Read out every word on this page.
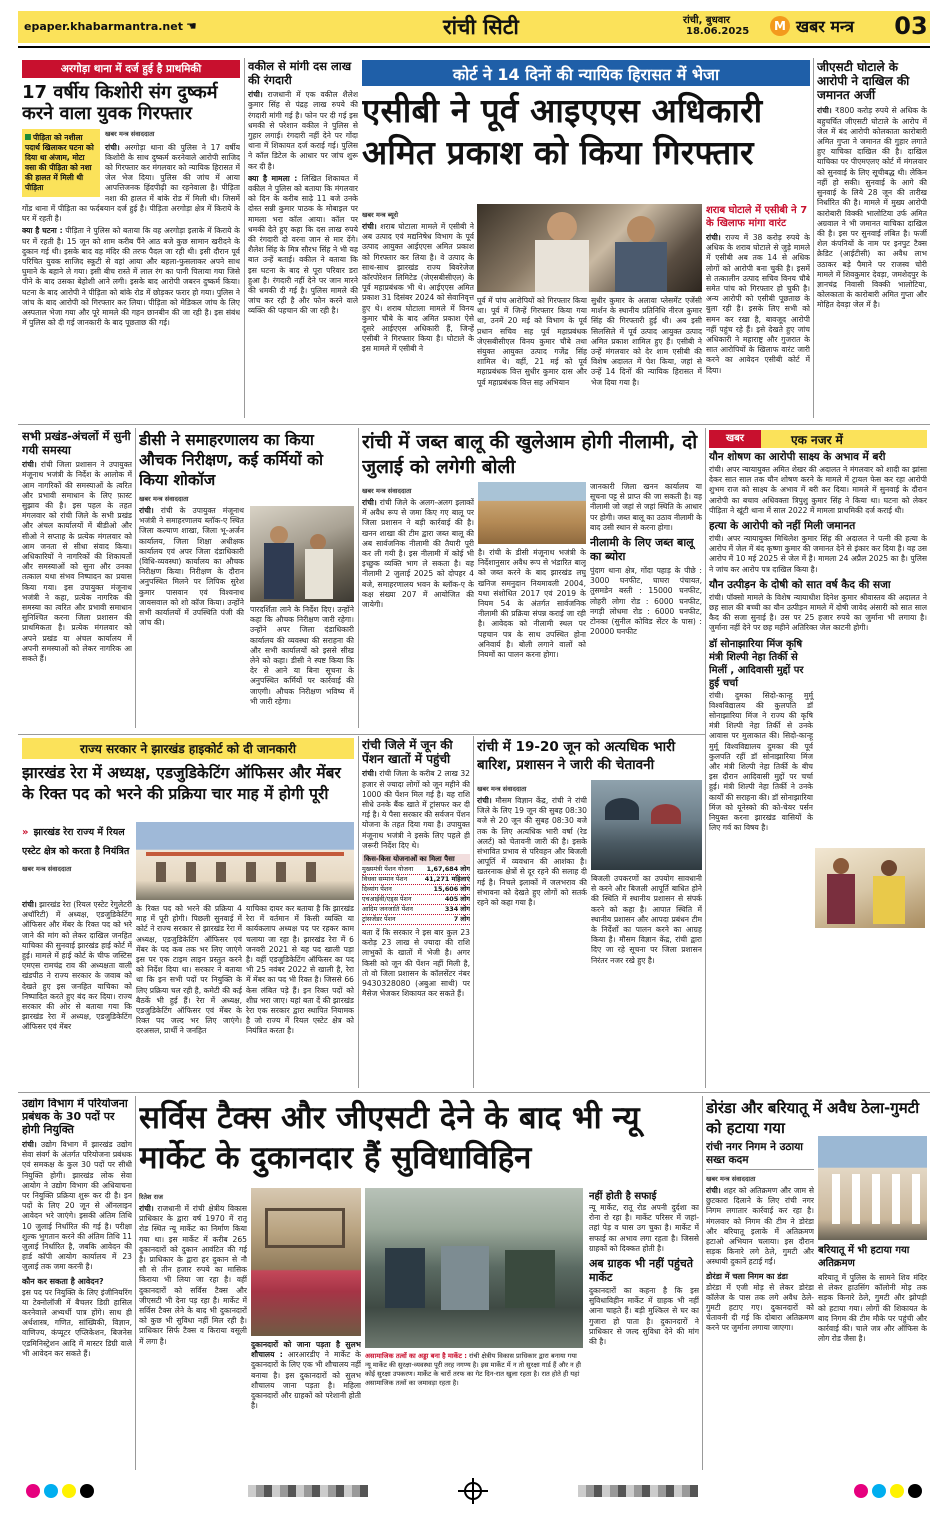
epaper.khabarmantra.net ☚	रांची सिटी	रांची, बुधवार
18.06.2025	M खबर मन्त्र 03
अरगोड़ा थाना में दर्ज हुई है प्राथमिकी
17 वर्षीय किशोरी संग दुष्कर्म करने वाला युवक गिरफ्तार
पीड़िता को नशीला पदार्थ खिलाकर घटना को दिया था अंजाम, मोटा वसा की पीड़िता को नशा की हालत में मिली थी पीड़िता
खबर मन्त्र संवाददाता

रांची। अरगोड़ा थाना की पुलिस ने 17 वर्षीय किशोरी के साथ दुष्कर्म करनेवाले आरोपी साजिद को गिरफ्तार कर मंगलवार को न्यायिक हिरासत में जेल भेज दिया। पुलिस की जांच में आया आपत्तिजनक हिंदपीढ़ी का रहनेवाला है। पीड़िता नशा की हालत में बांके रोड में मिली थी। जिसमें गोंड थाना में पीड़िता का फर्दबयान दर्ज हुई है। पीड़िता अरगोड़ा क्षेत्र में किराये के घर में रहती है।

क्या है घटना : पीड़िता ने पुलिस को बताया कि वह अरगोड़ा इलाके में किराये के घर में रहती है। 15 जून को शाम करीब पैंने आठ बजे कुछ सामान खरीदने के दुकान गई थी। इसके बाद वह मंदिर की तरफ पैदल जा रही थी। इसी दौरान पूर्व परिचित युवक साजिद स्कूटी से वहां आया और बहला-फुसलाकर अपने साथ घुमाने के बहाने ले गया। इसी बीच रास्ते में लाल रंग का पानी पिलाया गया जिसे पीने के बाद उसका बेहोशी आने लगी। इसके बाद आरोपी जबरन दुष्कर्म किया। घटना के बाद आरोपी ने पीड़िता को बांके रोड में छोड़कर फरार हो गया। पुलिस ने जांच के बाद आरोपी को गिरफ्तार कर लिया। पीड़िता को मेडिकल जांच के लिए अस्पताल भेजा गया और पूरे मामले की गहन छानबीन की जा रही है। इस संबंध में पुलिस को दी गई जानकारी के बाद पूछताछ की गई।

वकील से मांगी दस लाख की रंगदारी

रांची। राजधानी में एक वकील शैलेश कुमार सिंह से पंद्रह लाख रुपये की रंगदारी मांगी गई है। फोन पर दी गई इस धमकी से परेशान वकील ने पुलिस से गुहार लगाई। रंगदारी नहीं देने पर गोंदा थाना में शिकायत दर्ज कराई गई। पुलिस ने कॉल डिटेल के आधार पर जांच शुरू कर दी है।

क्या है मामला : लिखित शिकायत में वकील ने पुलिस को बताया कि मंगलवार को दिन के करीब साढ़े 11 बजे उनके दोस्त सन्नी कुमार पाठक के मोबाइल पर मामला भरा कॉल आया। कॉल पर धमकी देते हुए कहा कि दस लाख रुपये की रंगदारी दो वरना जान से मार देंगे। शैलेश सिंह के मित्र सौरभ सिंह ने भी यह बात उन्हें बताई। वकील ने बताया कि इस घटना के बाद से पूरा परिवार डरा हुआ है। रंगदारी नहीं देने पर जान मारने की धमकी दी गई है। पुलिस मामले की जांच कर रही है और फोन करने वाले व्यक्ति की पहचान की जा रही है।

कोर्ट ने 14 दिनों की न्यायिक हिरासत में भेजा
एसीबी ने पूर्व आइएएस अधिकारी अमित प्रकाश को किया गिरफ्तार
खबर मन्त्र ब्यूरो

रांची। शराब घोटाला मामले में एसीबी ने अब उत्पाद एवं मद्यनिषेध विभाग के पूर्व उत्पाद आयुक्त आईएएस अमित प्रकाश को गिरफ्तार कर लिया है। वे उत्पाद के साथ-साथ झारखंड राज्य बिवरेजेज कॉरपोरेशन लिमिटेड (जेएसबीसीएल) के पूर्व महाप्रबंधक भी थे। आईएएस अमित प्रकाश 31 दिसंबर 2024 को सेवानिवृत्त हुए थे। शराब घोटाला मामले में विनय कुमार चौबे के बाद अमित प्रकाश ऐसे दूसरे आईएएस अधिकारी हैं, जिन्हें एसीबी ने गिरफ्तार किया है। घोटाले के इस मामले में एसीबी ने

पूर्व में पांच आरोपियों को गिरफ्तार किया था। पूर्व में जिन्हें गिरफ्तार किया गया था, उनमें 20 मई को विभाग के पूर्व प्रधान सचिव सह पूर्व महाप्रबंधक जेएसबीसीएल विनय कुमार चौबे तथा संयुक्त आयुक्त उत्पाद गजेंद्र सिंह शामिल थे। वहीं, 21 मई को पूर्व महाप्रबंधक वित्त सुधीर कुमार दास और पूर्व महाप्रबंधक वित्त सह अभियान

सुधीर कुमार के अलावा प्लेसमेंट एजेंसी मार्शन के स्थानीय प्रतिनिधि नीरज कुमार सिंह की गिरफ्तारी हुई थी। अब इसी सिलसिले में पूर्व उत्पाद आयुक्त उत्पाद अमित प्रकाश शामिल हुए हैं। एसीबी ने उन्हें मंगलवार को देर शाम एसीबी की विशेष अदालत में पेश किया, जहां से उन्हें 14 दिनों की न्यायिक हिरासत में भेज दिया गया है।

शराब घोटाले में एसीबी ने 7 के खिलाफ मांगा वारंट

रांची। राज्य में 38 करोड़ रुपये के अधिक के शराब घोटाले से जुड़े मामले में एसीबी अब तक 14 से अधिक लोगों को आरोपी बना चुकी है। इसमें से तत्कालीन उत्पाद सचिव विनय चौबे समेत पांच को गिरफ्तार हो चुकी है। अन्य आरोपी को एसीबी पूछताछ के बुला रही है। इसके लिए सभी को समन कर रखा है, बावजूद आरोपी नहीं पहुंच रहे हैं। इसे देखते हुए जांच अधिकारी ने महाराष्ट्र और गुजरात के सात आरोपियों के खिलाफ वारंट जारी करने का आवेदन एसीबी कोर्ट में दिया।

जीएसटी घोटाले के आरोपी ने दाखिल की जमानत अर्जी

रांची। ₹800 करोड़ रुपये से अधिक के बहुचर्चित जीएसटी घोटाले के आरोप में जेल में बंद आरोपी कोलकाता कारोबारी अमित गुप्ता ने जमानत की गुहार लगाते हुए याचिका दाखिल की है। दाखिल याचिका पर पीएमएलए कोर्ट में मंगलवार को सुनवाई के लिए सूचीबद्ध थी। लेकिन नहीं हो सकी। सुनवाई के आगे की सुनवाई के लिये 28 जून की तारीख निर्धारित की है। मामले में मुख्य आरोपी कारोबारी विक्की भालोटिया उर्फ अमित अग्रवाल ने भी जमानत याचिका दाखिल की है। इस पर सुनवाई लंबित है। फर्जी शेल कंपनियों के नाम पर इनपुट टैक्स क्रेडिट (आईटीसी) का अवैध लाभ उठाकर बड़े पैमाने पर राजस्व चोरी मामले में शिवकुमार देवड़ा, जमशेदपुर के ज्ञानचंद्र निवासी विक्की भालोटिया, कोलकाता के कारोबारी अमित गुप्ता और मोहित देवड़ा जेल में है।

सभी प्रखंड-अंचलों में सुनी गयी समस्या

रांची। रांची जिला प्रशासन ने उपायुक्त मंजूनाथ भजंत्री के निर्देश के आलोक में आम नागरिकों की समस्याओं के त्वरित और प्रभावी समाधान के लिए फ़ास्ट सुझाव की है। इस पहल के तहत मंगलवार को रांची जिले के सभी प्रखंड और अंचल कार्यालयों में बीडीओ और सीओ ने सप्ताह के प्रत्येक मंगलवार को आम जनता से सीधा संवाद किया। अधिकारियों ने नागरिकों की शिकायतों और समस्याओं को सुना और उनका तत्काल यथा संभव निष्पादन का प्रयास किया गया। इस उपायुक्त मंजूनाथ भजंत्री ने कहा, प्रत्येक नागरिक की समस्या का त्वरित और प्रभावी समाधान सुनिश्चित करना जिला प्रशासन की प्राथमिकता है। प्रत्येक मंगलवार को अपने प्रखंड या अंचल कार्यालय में अपनी समस्याओं को लेकर नागरिक आ सकते हैं।

डीसी ने समाहरणालय का किया औचक निरीक्षण, कई कर्मियों को किया शोकॉज
खबर मन्त्र संवाददाता

रांची। रांची के उपायुक्त मंजूनाथ भजंत्री ने समाहरणालय ब्लॉक-ए स्थित जिला कल्याण शाखा, जिला भू-अर्जन कार्यालय, जिला शिक्षा अधीक्षक कार्यालय एवं अपर जिला दंडाधिकारी (विधि-व्यवस्था) कार्यालय का औचक निरीक्षण किया। निरीक्षण के दौरान अनुपस्थित मिलने पर लिपिक सुरेश कुमार पासवान एवं विश्वनाथ जायसवाल को शो कॉज किया। उन्होंने सभी कार्यालयों में उपस्थिति पंजी की जांच की।

पारदर्शिता लाने के निर्देश दिए। उन्होंने कहा कि औचक निरीक्षण जारी रहेगा। उन्होंने अपर जिला दंडाधिकारी कार्यालय की व्यवस्था की सराहना की और सभी कार्यालयों को इससे सीख लेने को कहा। डीसी ने स्पष्ट किया कि देर से आने या बिना सूचना के अनुपस्थित कर्मियों पर कार्रवाई की जाएगी। औचक निरीक्षण भविष्य में भी जारी रहेगा।

रांची में जब्त बालू की खुलेआम होगी नीलामी, दो जुलाई को लगेगी बोली
खबर मन्त्र संवाददाता

रांची। रांची जिले के अलग-अलग इलाकों में अवैध रूप से जमा किए गए बालू पर जिला प्रशासन ने बड़ी कार्रवाई की है। खनन शाखा की टीम द्वारा जब्त बालू की अब सार्वजनिक नीलामी की तैयारी पूरी कर ली गयी है। इस नीलामी में कोई भी इच्छुक व्यक्ति भाग ले सकता है। यह नीलामी 2 जुलाई 2025 को दोपहर 4 बजे, समाहरणालय भवन के ब्लॉक-ए के कक्ष संख्या 207 में आयोजित की जायेगी।

है। रांची के डीसी मंजूनाथ भजंत्री के निर्देशानुसार अवैध रूप से भंडारित बालू को जब्त करने के बाद झारखंड लघु खनिज समनुदान नियमावली 2004, यथा संशोधित 2017 एवं 2019 के नियम 54 के अंतर्गत सार्वजनिक नीलामी की प्रक्रिया संपन्न कराई जा रही है। आवेदक को नीलामी स्थल पर पहचान पत्र के साथ उपस्थित होना अनिवार्य है। बोली लगाने वालों को नियमों का पालन करना होगा।

जानकारी जिला खनन कार्यालय या सूचना पट्ट से प्राप्त की जा सकती है। वह नीलामी जो जहां से जहां स्थिति के आधार पर होगी। जब्त बालू का उठाव नीलामी के बाद उसी स्थान से करना होगा।

नीलामी के लिए जब्त बालू का ब्योरा

पुंदाग थाना क्षेत्र, गोंदा पहाड़ के पीछे : 3000 घनफीट, घाघरा पंचायत, तुसमडेन बस्ती : 15000 घनफीट, लोहरी लोगा रोड : 6000 घनफीट, नगड़ी लोधमा रोड : 6000 घनफीट, टोनका (सुनील कोविड सेंटर के पास) : 20000 घनफीट

खबर	एक नजर में
यौन शोषण का आरोपी साक्ष्य के अभाव में बरी
रांची। अपर न्यायायुक्त अमित शेखर की अदालत ने मंगलवार को शादी का झांसा देकर सात साल तक यौन शोषण करने के मामले में ट्रायल फेस कर रहा आरोपी शुभम राज को साक्ष्य के अभाव में बरी कर दिया। मामले में सुनवाई के दौरान आरोपी का बचाव अधिवक्ता त्रिपुशु कुमार सिंह ने किया था। घटना को लेकर पीड़िता ने खूंटी थाना में साल 2022 में मामला प्राथमिकी दर्ज कराई थी।
हत्या के आरोपी को नहीं मिली जमानत
रांची। अपर न्यायायुक्त मिथिलेश कुमार सिंह की अदालत ने पत्नी की हत्या के आरोप में जेल में बंद कृष्णा कुमार की जमानत देने से इंकार कर दिया है। वह उस आरोप में 10 मई 2025 से जेल में है। मामला 24 अप्रैल 2025 का है। पुलिस ने जांच कर आरोप पत्र दाखिल किया है।
यौन उत्पीड़न के दोषी को सात वर्ष कैद की सजा
रांची। पॉक्सो मामले के विशेष न्यायाधीश दिनेश कुमार श्रीवास्तव की अदालत ने छह साल की बच्ची का यौन उत्पीड़न मामले में दोषी जावेद अंसारी को सात साल कैद की सजा सुनाई है। उस पर 25 हजार रुपये का जुर्माना भी लगाया है। जुर्माना नहीं देने पर छह महीने अतिरिक्त जेल काटनी होगी।
डॉ सोनाझारिया मिंज कृषि मंत्री शिल्पी नेहा तिर्की से मिलीं , आदिवासी मुद्दों पर हुई चर्चा
रांची। दुमका सिदो-कान्हू मुर्मू विश्वविद्यालय की कुलपति डॉ सोनाझारिया मिंज ने राज्य की कृषि मंत्री शिल्पी नेहा तिर्की से उनके आवास पर मुलाकात की। सिदो-कान्हू मुर्मू विश्वविद्यालय दुमका की पूर्व कुलपति रहीं डॉ सोनाझारिया मिंज और मंत्री शिल्पी नेहा तिर्की के बीच इस दौरान आदिवासी मुद्दों पर चर्चा हुई। मंत्री शिल्पी नेहा तिर्की ने उनके कार्यों की सराहना की। डॉ सोनाझारिया मिंज को यूनेस्को की को-चेयर पर्सन नियुक्त करना झारखंड वासियों के लिए गर्व का विषय है।
राज्य सरकार ने झारखंड हाइकोर्ट को दी जानकारी
झारखंड रेरा में अध्यक्ष, एडजुडिकेटिंग ऑफिसर और मेंबर के रिक्त पद को भरने की प्रक्रिया चार माह में होगी पूरी
» झारखंड रेरा राज्य में रियल एस्टेट क्षेत्र को करता है नियंत्रित
खबर मन्त्र संवाददाता

रांची। झारखंड रेरा (रियल एस्टेट रेगुलेटरी अथॉरिटी) में अध्यक्ष, एडजुडिकेटिंग ऑफिसर और मेंबर के रिक्त पद को भरे जाने की मांग को लेकर दाखिल जनहित याचिका की सुनवाई झारखंड हाई कोर्ट में हुई। मामले में हाई कोर्ट के चीफ जस्टिस एमएस रामचंद्र राव की अध्यक्षता वाली खंडपीठ ने राज्य सरकार के जवाब को देखते हुए इस जनहित याचिका को निष्पादित करते हुए बंद कर दिया। राज्य सरकार की ओर से बताया गया कि झारखंड रेरा में अध्यक्ष, एडजुडिकेटिंग ऑफिसर एवं मेंबर

के रिक्त पद को भरने की प्रक्रिया 4 माह में पूरी होगी। पिछली सुनवाई में कोर्ट ने राज्य सरकार से झारखंड रेरा में अध्यक्ष, एडजुडिकेटिंग ऑफिसर एवं मेंबर के पद कब तक भर लिए जाएंगे इस पर एक टाइम लाइन प्रस्तुत करने को निर्देश दिया था। सरकार ने बताया था कि इन सभी पदों पर नियुक्ति के लिए प्रक्रिया चल रही है, कमेटी की कई बैठकें भी हुई हैं। रेरा में अध्यक्ष, एडजुडिकेटिंग ऑफिसर एवं मेंबर के रिक्त पद जल्द भर लिए जाएंगे। दरअसल, प्रार्थी ने जनहित

याचिका दायर कर बताया है कि झारखंड रेरा में वर्तमान में किसी व्यक्ति या कार्यकलाप अध्यक्ष पद पर रहकर काम चलाया जा रहा है। झारखंड रेरा में 6 जनवरी 2021 से यह पद खाली पड़ा है। वहीं एडजुडिकेटिंग ऑफिसर का पद भी 25 नवंबर 2022 से खाली है, रेरा में मेंबर का पद भी रिक्त है। जिससे 66 केस लंबित पड़े हैं। इन रिक्त पदों को शीघ्र भरा जाए। यहां बता दें की झारखंड रेरा एक सरकार द्वारा स्थापित नियामक है जो राज्य में रियल एस्टेट क्षेत्र को नियंत्रित करता है।

रांची जिले में जून की पेंशन खातों में पहुंची

रांची। रांची जिला के करीब 2 लाख 32 हजार से ज्यादा लोगों को जून महीने की 1000 की पेंशन मिल गई है। यह राशि सीधे उनके बैंक खाते में ट्रांसफर कर दी गई है। ये पैसा सरकार की सर्वजन पेंशन योजना के तहत दिया गया है। उपायुक्त मंजूनाथ भजंत्री ने इसके लिए पहले ही जरूरी निर्देश दिए थे।

किस-किस योजनाओं का मिला पैसा
मुख्यमंत्री पेंशन योजना 1,67,684 लोग
विधवा सम्मान पेंशन	41,271 महिलाएं
दिव्यांग पेंशन	15,606 लोग
एचआईवी/एड्स पेंशन	405 लोग
आदिम जनजाति पेंशन	334 लोग
ट्रांसजेंडर पेंशन	7 लोग

बता दें कि सरकार ने इस बार कुल 23 करोड़ 23 लाख से ज्यादा की राशि लाभुकों के खातों में भेजी है। अगर किसी को जून की पेंशन नहीं मिली है, तो वो जिला प्रशासन के कॉलसेंटर नंबर 9430328080 (अबुआ साथी) पर मैसेज भेजकर शिकायत कर सकते हैं।

रांची में 19-20 जून को अत्यधिक भारी बारिश, प्रशासन ने जारी की चेतावनी
खबर मन्त्र संवाददाता

रांची। मौसम विज्ञान केंद्र, रांची ने रांची जिले के लिए 19 जून की सुबह 08:30 बजे से 20 जून की सुबह 08:30 बजे तक के लिए अत्यधिक भारी वर्षा (रेड अलर्ट) को चेतावनी जारी की है। इसके संभावित प्रभाव से परिवहन और बिजली आपूर्ति में व्यवधान की आशंका है। खतरनाक क्षेत्रों से दूर रहने की सलाह दी गई है। निचले इलाकों में जलभराव की संभावना को देखते हुए लोगों को सतर्क रहने को कहा गया है।

बिजली उपकरणों का उपयोग सावधानी से करने और बिजली आपूर्ति बाधित होने की स्थिति में स्थानीय प्रशासन से संपर्क करने को कहा है। आपात स्थिति में स्थानीय प्रशासन और आपदा प्रबंधन टीम के निर्देशों का पालन करने का आग्रह किया है। मौसम विज्ञान केंद्र, रांची द्वारा दिए जा रहे सूचना पर जिला प्रशासन निरंतर नजर रखे हुए है।

उद्योग विभाग में परियोजना प्रबंधक के 30 पदों पर होगी नियुक्ति

रांची। उद्योग विभाग में झारखंड उद्योग सेवा संवर्ग के अंतर्गत परियोजना प्रबंधक एवं समकक्ष के कुल 30 पदों पर सीधी नियुक्ति होगी। झारखंड लोक सेवा आयोग ने उद्योग विभाग की अधियाचना पर नियुक्ति प्रक्रिया शुरू कर दी है। इन पदों के लिए 20 जून से ऑनलाइन आवेदन भरे जाएंगे। इसकी अंतिम तिथि 10 जुलाई निर्धारित की गई है। परीक्षा शुल्क भुगतान करने की अंतिम तिथि 11 जुलाई निर्धारित है, जबकि आवेदन की हार्ड कॉपी आयोग कार्यालय में 23 जुलाई तक जमा करनी है।

कौन कर सकता है आवेदन?

इस पद पर नियुक्ति के लिए इंजीनियरिंग या टेक्नोलॉजी में बैचलर डिग्री हासिल करनेवाले अभ्यर्थी पात्र होंगे। साथ ही अर्थशास्त्र, गणित, सांख्यिकी, विज्ञान, वाणिज्य, कंप्यूटर एप्लिकेशन, बिजनेस एडमिनिस्ट्रेशन आदि में मास्टर डिग्री वाले भी आवेदन कर सकते हैं।

सर्विस टैक्स और जीएसटी देने के बाद भी न्यू मार्केट के दुकानदार हैं सुविधाविहिन
रितेश राज

रांची। राजधानी में रांची क्षेत्रीय विकास प्राधिकार के द्वारा वर्ष 1970 में रातू रोड स्थित न्यू मार्केट का निर्माण किया गया था। इस मार्केट में करीब 265 दुकानदारों को दुकान आवंटित की गई है। प्राधिकार के द्वारा हर दुकान से नौ सौ से तीन हजार रुपये का मासिक किराया भी लिया जा रहा है। वहीं दुकानदारों को सर्विस टैक्स और जीएसटी भी देना पड़ रहा है। मार्केट में सर्विस टैक्स लेने के बाद भी दुकानदारों को कुछ भी सुविधा नहीं मिल रही है। प्राधिकार सिर्फ टैक्स व किराया वसूली में लगा है।	दुकानदारों को जाना पड़ता है सुलभ शौचालय : आरआरडीए ने मार्केट के दुकानदारों के लिए एक भी शौचालय नहीं बनाया है। इस दुकानदारों को सुलभ शौचालय जाना पड़ता है। महिला दुकानदारों और ग्राहकों को परेशानी होती है।

असामाजिक तत्वों का अड्डा बना है मार्केट : रांची क्षेत्रीय विकास प्राधिकार द्वारा बनाया गया न्यू मार्केट की सुरक्षा-व्यवस्था पूरी तरह नगण्य है। इस मार्केट में न तो सुरक्षा गार्ड हैं और न ही कोई सुरक्षा उपकरण। मार्केट के चारों तरफ का गेट दिन-रात खुला रहता है। रात होते ही यहां असामाजिक तत्वों का जमावड़ा रहता है।
नहीं होती है सफाई

न्यू मार्केट, रातू रोड अपनी दुर्दशा का रोना रो रहा है। मार्केट परिसर में जहां-तहां पेड़ व घास उग चुका है। मार्केट में सफाई का अभाव लगा रहता है। जिससे ग्राहकों को दिक्कत होती है।

अब ग्राहक भी नहीं पहुंचते मार्केट

दुकानदारों का कहना है कि इस सुविधाविहीन मार्केट में ग्राहक भी नहीं आना चाहते हैं। बड़ी मुश्किल से घर का गुजारा हो पाता है। दुकानदारों ने प्राधिकार से जल्द सुविधा देने की मांग की है।

डोरंडा और बरियातू में अवैध ठेला-गुमटी को हटाया गया
रांची नगर निगम ने उठाया सख्त कदम
खबर मन्त्र संवाददाता

रांची। शहर को अतिक्रमण और जाम से छुटकारा दिलाने के लिए रांची नगर निगम लगातार कार्रवाई कर रहा है। मंगलवार को निगम की टीम ने डोरंडा और बरियातू इलाके में अतिक्रमण हटाओ अभियान चलाया। इस दौरान सड़क किनारे लगे ठेले, गुमटी और अस्थायी दुकानें हटाई गईं।

डोरंडा में चला निगम का डंडा

डोरंडा में एजी मोड़ से लेकर डोरंडा कॉलेज के पास तक लगे अवैध ठेले-गुमटी हटाए गए। दुकानदारों को चेतावनी दी गई कि दोबारा अतिक्रमण करने पर जुर्माना लगाया जाएगा।

बरियातू में भी हटाया गया अतिक्रमण

बरियातू में पुलिस के सामने शिव मंदिर से लेकर हाउसिंग कॉलोनी मोड़ तक सड़क किनारे ठेले, गुमटी और झोपड़ी को हटाया गया। लोगों की शिकायत के बाद निगम की टीम मौके पर पहुंची और कार्रवाई की। चाले जत्र और ऑफिस के लोग रोड जैसा है।
